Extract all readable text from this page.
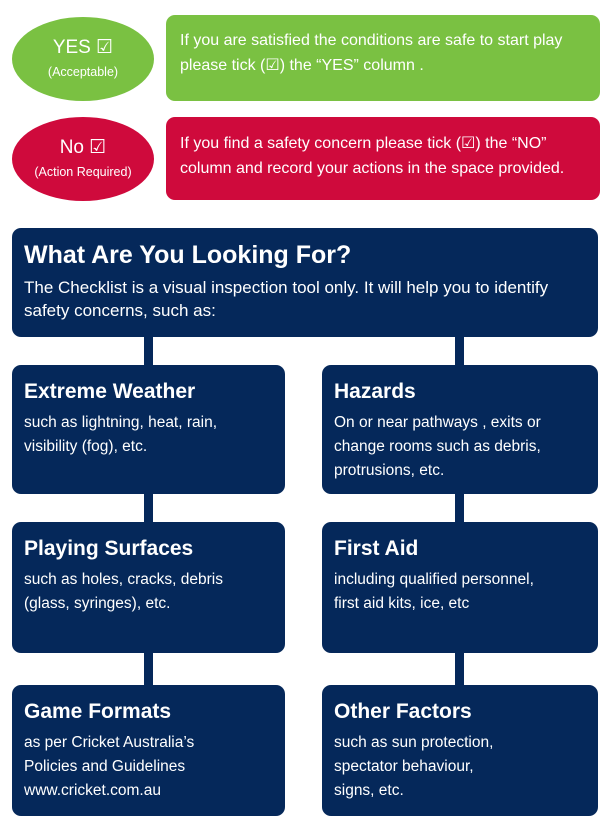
If you are satisfied the conditions are safe to start play please tick (☑) the “YES” column .
YES ☑
(Acceptable)
If you find a safety concern please tick (☑) the “NO” column and record your actions in the space provided.
No ☑
(Action Required)
What Are You Looking For?
The Checklist is a visual inspection tool only. It will help you to identify safety concerns, such as:
Extreme Weather
such as lightning, heat, rain,
visibility (fog), etc.
Hazards
On or near pathways , exits or
change rooms such as debris,
protrusions, etc.
Playing Surfaces
such as holes, cracks, debris
(glass, syringes), etc.
First Aid
including qualified personnel,
first aid kits, ice, etc
Game Formats
as per Cricket Australia’s
Policies and Guidelines
www.cricket.com.au
Other Factors
such as sun protection,
spectator behaviour,
signs, etc.
